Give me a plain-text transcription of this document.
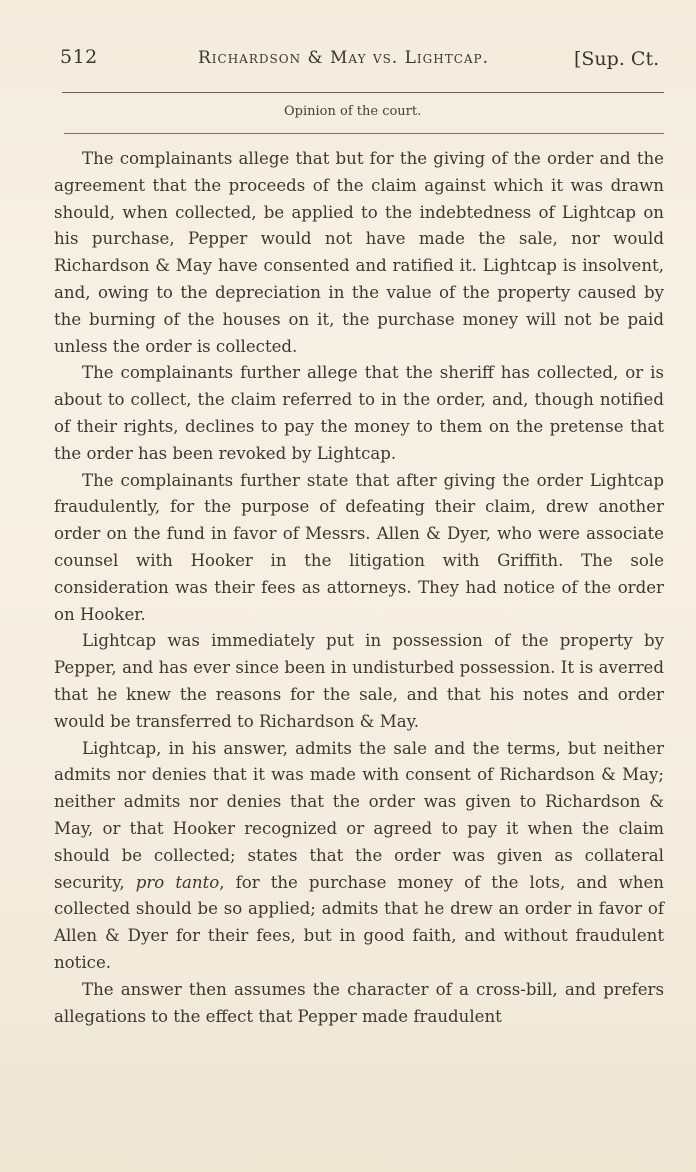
512	Richardson & May vs. Lightcap.	[Sup. Ct.
Opinion of the court.

The complainants allege that but for the giving of the order and the agreement that the proceeds of the claim against which it was drawn should, when collected, be applied to the indebtedness of Lightcap on his purchase, Pepper would not have made the sale, nor would Richardson & May have consented and ratified it. Lightcap is insolvent, and, owing to the depreciation in the value of the property caused by the burning of the houses on it, the purchase money will not be paid unless the order is collected.

The complainants further allege that the sheriff has collected, or is about to collect, the claim referred to in the order, and, though notified of their rights, declines to pay the money to them on the pretense that the order has been revoked by Lightcap.

The complainants further state that after giving the order Lightcap fraudulently, for the purpose of defeating their claim, drew another order on the fund in favor of Messrs. Allen & Dyer, who were associate counsel with Hooker in the litigation with Griffith. The sole consideration was their fees as attorneys. They had notice of the order on Hooker.

Lightcap was immediately put in possession of the property by Pepper, and has ever since been in undisturbed possession. It is averred that he knew the reasons for the sale, and that his notes and order would be transferred to Richardson & May.

Lightcap, in his answer, admits the sale and the terms, but neither admits nor denies that it was made with consent of Richardson & May; neither admits nor denies that the order was given to Richardson & May, or that Hooker recognized or agreed to pay it when the claim should be collected; states that the order was given as collateral security, pro tanto, for the purchase money of the lots, and when collected should be so applied; admits that he drew an order in favor of Allen & Dyer for their fees, but in good faith, and without fraudulent notice.

The answer then assumes the character of a cross-bill, and prefers allegations to the effect that Pepper made fraudulent
